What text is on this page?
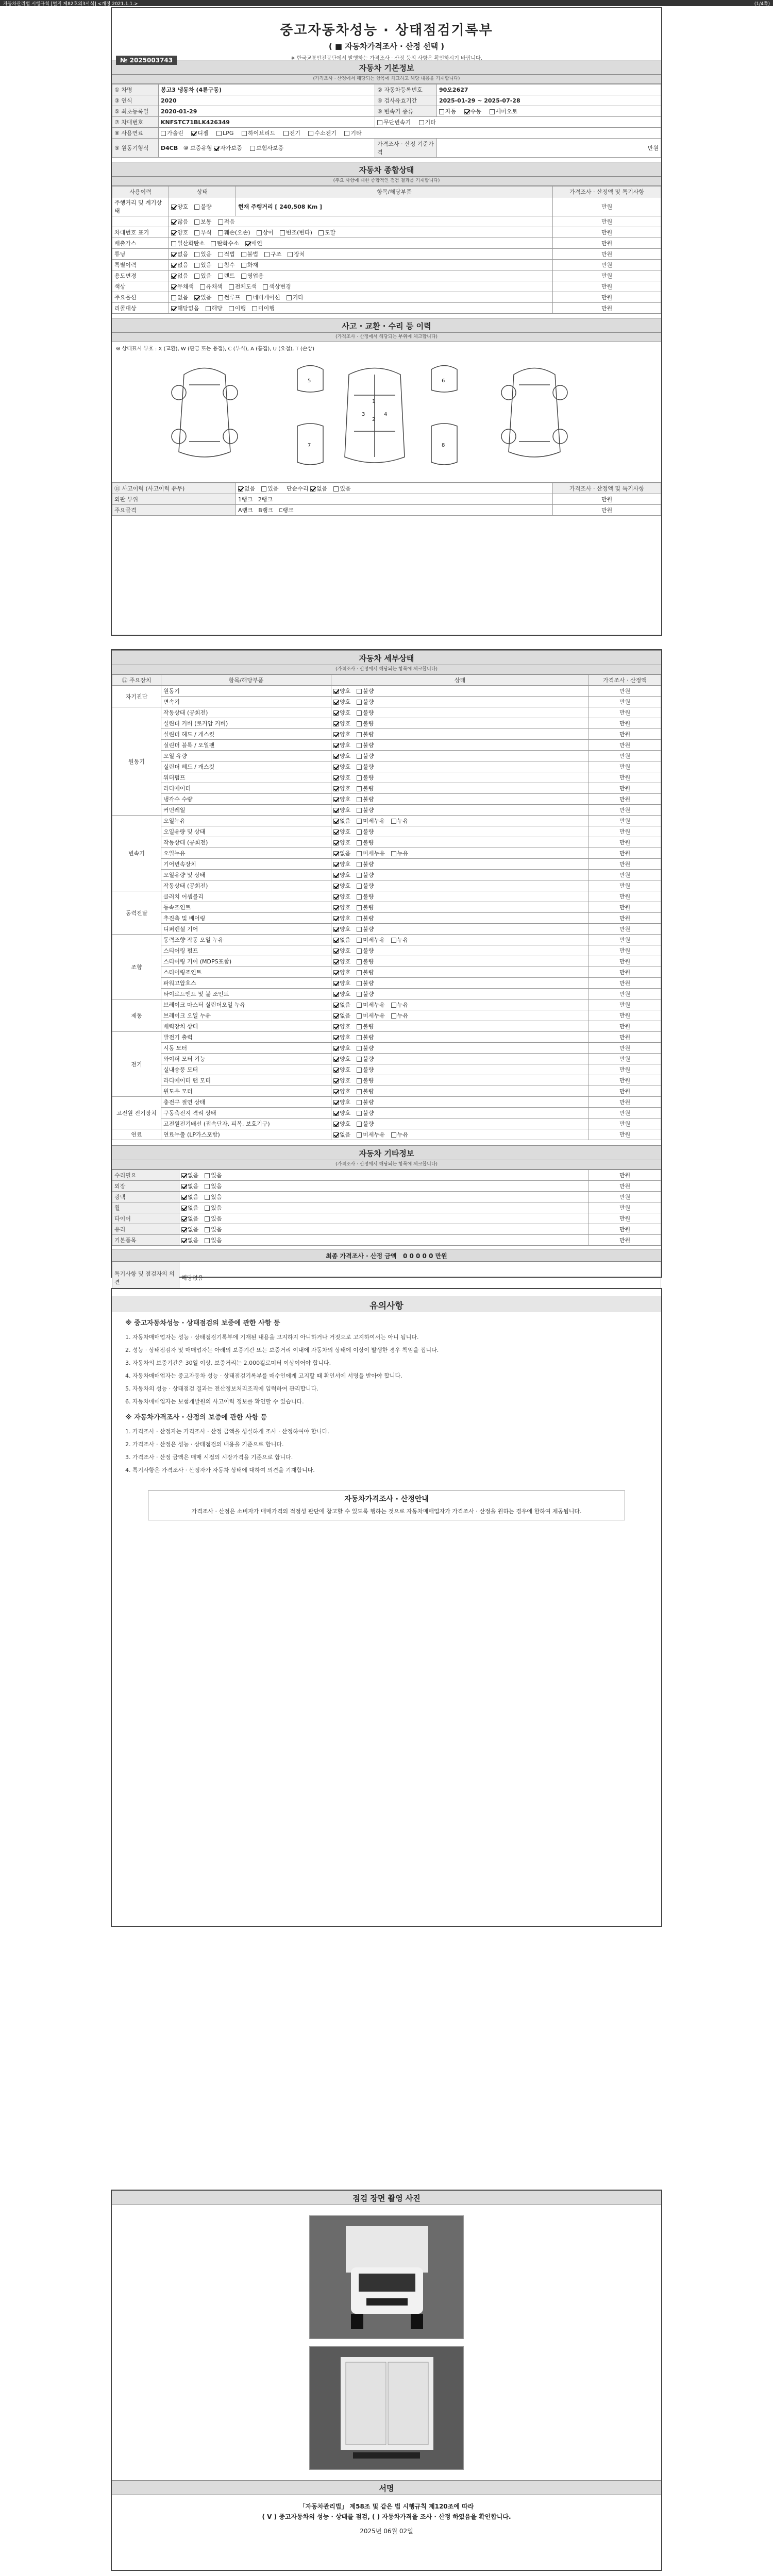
자동차관리법 시행규칙 [별지 제82호의3서식] <개정 2021.1.1.>	(1/4쪽)
중고자동차성능 · 상태점검기록부
( ■ 자동차가격조사 · 산정 선택 )
※ 한국교통안전공단에서 발행하는 가격조사 · 산정 등의 사항은 확인하시기 바랍니다.
№ 2025003743
자동차 기본정보
(가격조사 · 산정에서 해당되는 항목에 체크하고 해당 내용을 기재합니다)
① 차명	봉고3 냉동차 (4륜구동)	② 자동차등록번호	90오2627
③ 연식	2020	④ 검사유효기간	2025-01-29 ~ 2025-07-28
⑤ 최초등록일	2020-01-29	⑥ 변속기 종류	자동 수동 세미오토
⑦ 차대번호	KNFSTC71BLK426349	무단변속기 기타	
⑧ 사용연료	가솔린 디젤 LPG 하이브리드 전기 수소전기 기타		
⑨ 원동기형식	D4CB ⑩ 보증유형 자가보증 보험사보증	가격조사 · 산정 기준가격	만원
자동차 종합상태
(주요 사항에 대한 종합적인 점검 결과를 기재합니다)
사용이력	상태	항목/해당부품	가격조사 · 산정액 및 특기사항
주행거리 및 계기상태	양호 불량	현재 주행거리 [ 240,508 Km ]	만원
	많음 보통 적음		만원
차대번호 표기	양호 부식 훼손(오손) 상이 변조(변타) 도말		만원
배출가스	일산화탄소 탄화수소 매연		만원
튜닝	없음 있음 적법 불법 구조 장치		만원
특별이력	없음 있음 침수 화재		만원
용도변경	없음 있음 렌트 영업용		만원
색상	무채색 유채색 전체도색 색상변경		만원
주요옵션	없음 있음 썬루프 네비게이션 기타		만원
리콜대상	해당없음 해당 이행 미이행		만원
사고 · 교환 · 수리 등 이력
(가격조사 · 산정에서 해당되는 부위에 체크합니다)
※ 상태표시 부호 : X (교환), W (판금 또는 용접), C (부식), A (흠집), U (요철), T (손상)
1
2
3	4
5	6
7	8
⑪ 사고이력 (사고이력 유무)	없음 있음 단순수리 없음 있음	가격조사 · 산정액 및 특기사항
외판 부위	1랭크 2랭크	만원
주요골격	A랭크 B랭크 C랭크	만원
자동차 세부상태
(가격조사 · 산정에서 해당되는 항목에 체크합니다)
⑫ 주요장치	항목/해당부품	상태	가격조사 · 산정액
자기진단	원동기	양호 불량	만원
	변속기	양호 불량	만원
원동기	작동상태 (공회전)	양호 불량	만원
	실린더 커버 (로커암 커버)	양호 불량	만원
	실린더 헤드 / 개스킷	양호 불량	만원
	실린더 블록 / 오일팬	양호 불량	만원
	오일 유량	양호 불량	만원
	실린더 헤드 / 개스킷	양호 불량	만원
	워터펌프	양호 불량	만원
	라디에이터	양호 불량	만원
	냉각수 수량	양호 불량	만원
	커먼레일	양호 불량	만원
변속기	오일누유	없음 미세누유 누유	만원
	오일유량 및 상태	양호 불량	만원
	작동상태 (공회전)	양호 불량	만원
	오일누유	없음 미세누유 누유	만원
	기어변속장치	양호 불량	만원
	오일유량 및 상태	양호 불량	만원
	작동상태 (공회전)	양호 불량	만원
동력전달	클러치 어셈블리	양호 불량	만원
	등속조인트	양호 불량	만원
	추진축 및 베어링	양호 불량	만원
	디퍼렌셜 기어	양호 불량	만원
조향	동력조향 작동 오일 누유	없음 미세누유 누유	만원
	스티어링 펌프	양호 불량	만원
	스티어링 기어 (MDPS포함)	양호 불량	만원
	스티어링조인트	양호 불량	만원
	파워고압호스	양호 불량	만원
	타이로드엔드 및 볼 조인트	양호 불량	만원
제동	브레이크 마스터 실린더오일 누유	없음 미세누유 누유	만원
	브레이크 오일 누유	없음 미세누유 누유	만원
	배력장치 상태	양호 불량	만원
전기	발전기 출력	양호 불량	만원
	시동 모터	양호 불량	만원
	와이퍼 모터 기능	양호 불량	만원
	실내송풍 모터	양호 불량	만원
	라디에이터 팬 모터	양호 불량	만원
	윈도우 모터	양호 불량	만원
고전원 전기장치	충전구 절연 상태	양호 불량	만원
	구동축전지 격리 상태	양호 불량	만원
	고전원전기배선 (접속단자, 피복, 보호기구)	양호 불량	만원
연료	연료누출 (LP가스포함)	없음 미세누유 누유	만원
자동차 기타정보
(가격조사 · 산정에서 해당되는 항목에 체크합니다)
수리필요	없음 있음	만원
외장	없음 있음	만원
광택	없음 있음	만원
휠	없음 있음	만원
타이어	없음 있음	만원
유리	없음 있음	만원
기본품목	없음 있음	만원
최종 가격조사 · 산정 금액 0 0 0 0 0 만원
특기사항 및 점검자의 의견	해당없음
유의사항
※ 중고자동차성능 · 상태점검의 보증에 관한 사항 등

1. 자동차매매업자는 성능 · 상태점검기록부에 기재된 내용을 고지하지 아니하거나 거짓으로 고지하여서는 아니 됩니다.

2. 성능 · 상태점검자 및 매매업자는 아래의 보증기간 또는 보증거리 이내에 자동차의 상태에 이상이 발생한 경우 책임을 집니다.

3. 자동차의 보증기간은 30일 이상, 보증거리는 2,000킬로미터 이상이어야 합니다.

4. 자동차매매업자는 중고자동차 성능 · 상태점검기록부를 매수인에게 고지할 때 확인서에 서명을 받아야 합니다.

5. 자동차의 성능 · 상태점검 결과는 전산정보처리조직에 입력하여 관리합니다.

6. 자동차매매업자는 보험개발원의 사고이력 정보를 확인할 수 있습니다.

※ 자동차가격조사 · 산정의 보증에 관한 사항 등

1. 가격조사 · 산정자는 가격조사 · 산정 금액을 성실하게 조사 · 산정하여야 합니다.

2. 가격조사 · 산정은 성능 · 상태점검의 내용을 기준으로 합니다.

3. 가격조사 · 산정 금액은 매매 시점의 시장가격을 기준으로 합니다.

4. 특기사항은 가격조사 · 산정자가 자동차 상태에 대하여 의견을 기재합니다.

자동차가격조사 · 산정안내
가격조사 · 산정은 소비자가 매매가격의 적정성 판단에 참고할 수 있도록 행하는 것으로 자동차매매업자가 가격조사 · 산정을 원하는 경우에 한하여 제공됩니다.
점검 장면 촬영 사진
서명
「자동차관리법」 제58조 및 같은 법 시행규칙 제120조에 따라
( V ) 중고자동차의 성능 · 상태를 점검, ( ) 자동차가격을 조사 · 산정 하였음을 확인합니다.
2025년 06월 02일
